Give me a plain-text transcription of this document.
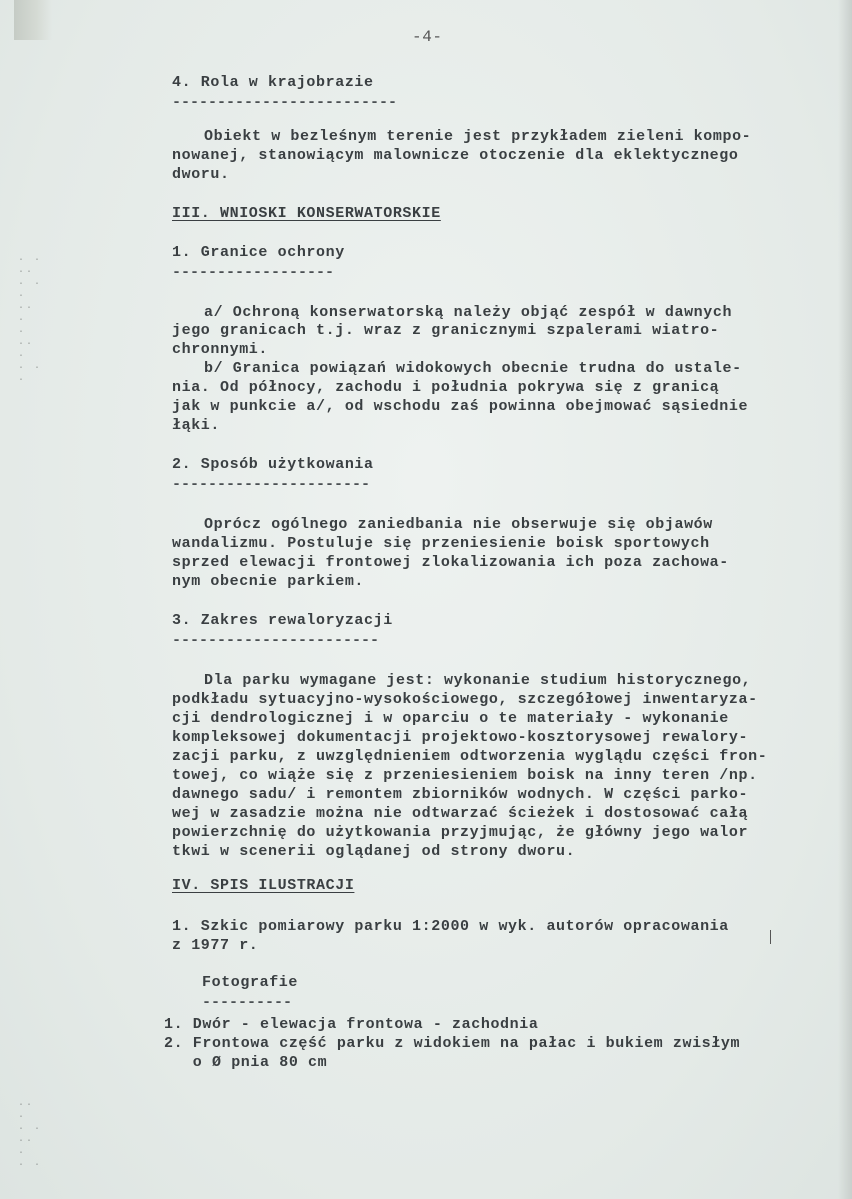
· ·
··
· ·
·
··
·
·
··
·
· ·
·
··
·
· ·
··
·
· ·
-4-
4. Rola w krajobrazie
-------------------------
Obiekt w bezleśnym terenie jest przykładem zieleni kompo-
nowanej, stanowiącym malownicze otoczenie dla eklektycznego
dworu.
III. WNIOSKI KONSERWATORSKIE
1. Granice ochrony
------------------
a/ Ochroną konserwatorską należy objąć zespół w dawnych
jego granicach t.j. wraz z granicznymi szpalerami wiatro-
chronnymi.
b/ Granica powiązań widokowych obecnie trudna do ustale-
nia. Od północy, zachodu i południa pokrywa się z granicą
jak w punkcie a/, od wschodu zaś powinna obejmować sąsiednie
łąki.
2. Sposób użytkowania
----------------------
Oprócz ogólnego zaniedbania nie obserwuje się objawów
wandalizmu. Postuluje się przeniesienie boisk sportowych
sprzed elewacji frontowej zlokalizowania ich poza zachowa-
nym obecnie parkiem.
3. Zakres rewaloryzacji
-----------------------
Dla parku wymagane jest: wykonanie studium historycznego,
podkładu sytuacyjno-wysokościowego, szczegółowej inwentaryza-
cji dendrologicznej i w oparciu o te materiały - wykonanie
kompleksowej dokumentacji projektowo-kosztorysowej rewalory-
zacji parku, z uwzględnieniem odtworzenia wyglądu części fron-
towej, co wiąże się z przeniesieniem boisk na inny teren /np.
dawnego sadu/ i remontem zbiorników wodnych. W części parko-
wej w zasadzie można nie odtwarzać ścieżek i dostosować całą
powierzchnię do użytkowania przyjmując, że główny jego walor
tkwi w scenerii oglądanej od strony dworu.
IV. SPIS ILUSTRACJI
1. Szkic pomiarowy parku 1:2000 w wyk. autorów opracowania
z 1977 r.
Fotografie
----------
1. Dwór - elewacja frontowa - zachodnia
2. Frontowa część parku z widokiem na pałac i bukiem zwisłym
o Ø pnia 80 cm
